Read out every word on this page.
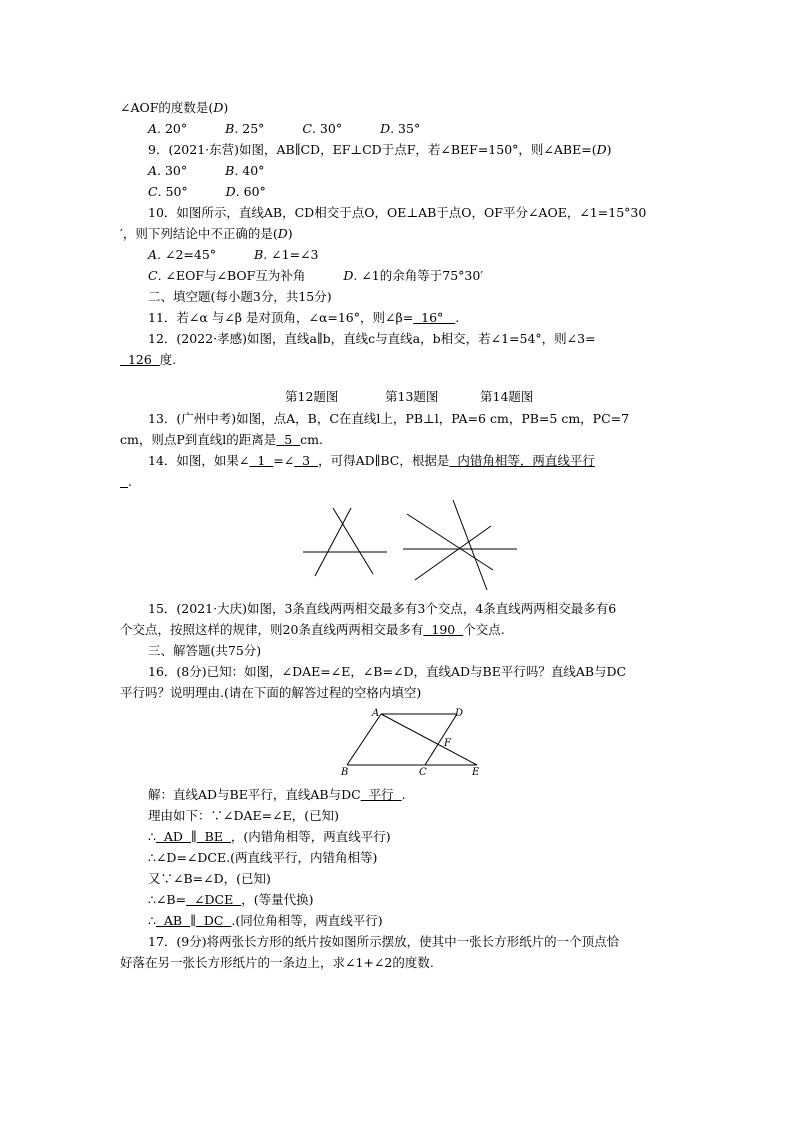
∠AOF的度数是(D)
A. 20°	B. 25°	C. 30°	D. 35°
9．(2021·东营)如图，AB∥CD，EF⊥CD于点F，若∠BEF=150°，则∠ABE=(D)
A. 30°	B. 40°
C. 50°	D. 60°
10．如图所示，直线AB，CD相交于点O，OE⊥AB于点O，OF平分∠AOE，∠1=15°30
′，则下列结论中不正确的是(D)
A. ∠2=45°	B. ∠1=∠3
C. ∠EOF与∠BOF互为补角	D. ∠1的余角等于75°30′
二、填空题(每小题3分，共15分)
11．若∠α 与∠β 是对顶角，∠α=16°，则∠β= 16° .
12．(2022·孝感)如图，直线a∥b，直线c与直线a，b相交，若∠1=54°，则∠3=
126 度.
第12题图	第13题图	第14题图
13．(广州中考)如图，点A，B，C在直线l上，PB⊥l，PA=6 cm，PB=5 cm，PC=7
cm，则点P到直线l的距离是 5 cm.
14．如图，如果∠ 1 =∠ 3 ，可得AD∥BC，根据是 内错角相等，两直线平行
.
15．(2021·大庆)如图，3条直线两两相交最多有3个交点，4条直线两两相交最多有6
个交点，按照这样的规律，则20条直线两两相交最多有 190 个交点.
三、解答题(共75分)
16．(8分)已知：如图，∠DAE=∠E，∠B=∠D，直线AD与BE平行吗？直线AB与DC
平行吗？说明理由.(请在下面的解答过程的空格内填空)
A	D
F
B	C	E
解：直线AD与BE平行，直线AB与DC 平行 .
理由如下：∵∠DAE=∠E，(已知)
∴ AD ∥ BE ，(内错角相等，两直线平行)
∴∠D=∠DCE.(两直线平行，内错角相等)
又∵∠B=∠D，(已知)
∴∠B= ∠DCE ，(等量代换)
∴ AB ∥ DC .(同位角相等，两直线平行)
17．(9分)将两张长方形的纸片按如图所示摆放，使其中一张长方形纸片的一个顶点恰
好落在另一张长方形纸片的一条边上，求∠1+∠2的度数.
